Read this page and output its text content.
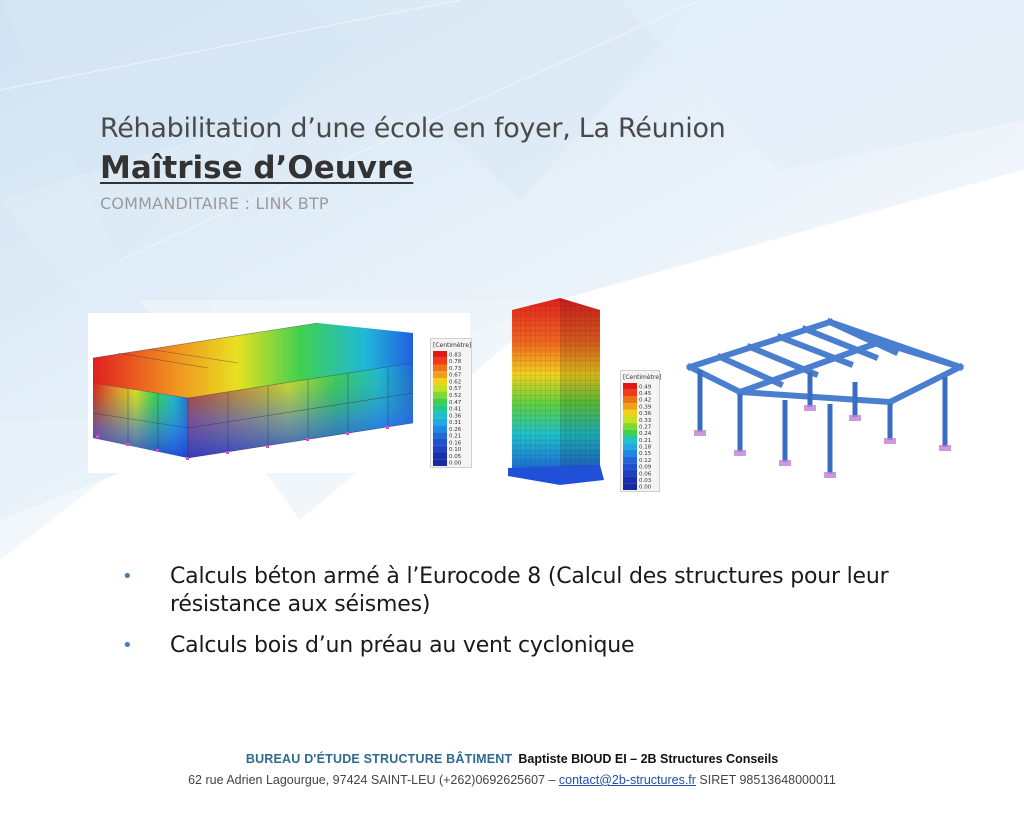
Réhabilitation d’une école en foyer, La Réunion
Maîtrise d’Oeuvre
COMMANDITAIRE : LINK BTP
[Centimètre]
0.83
0.78
0.73
0.67
0.62
0.57
0.52
0.47
0.41
0.36
0.31
0.26
0.21
0.16
0.10
0.05
0.00
[Centimètre]
0.49
0.45
0.42
0.39
0.36
0.33
0.27
0.24
0.21
0.18
0.15
0.12
0.09
0.06
0.03
0.00
• Calculs béton armé à l’Eurocode 8 (Calcul des structures pour leur résistance aux séismes)
• Calculs bois d’un préau au vent cyclonique
BUREAU D'ÉTUDE STRUCTURE BÂTIMENT Baptiste BIOUD EI – 2B Structures Conseils
62 rue Adrien Lagourgue, 97424 SAINT-LEU (+262)0692625607 – contact@2b-structures.fr SIRET 98513648000011
